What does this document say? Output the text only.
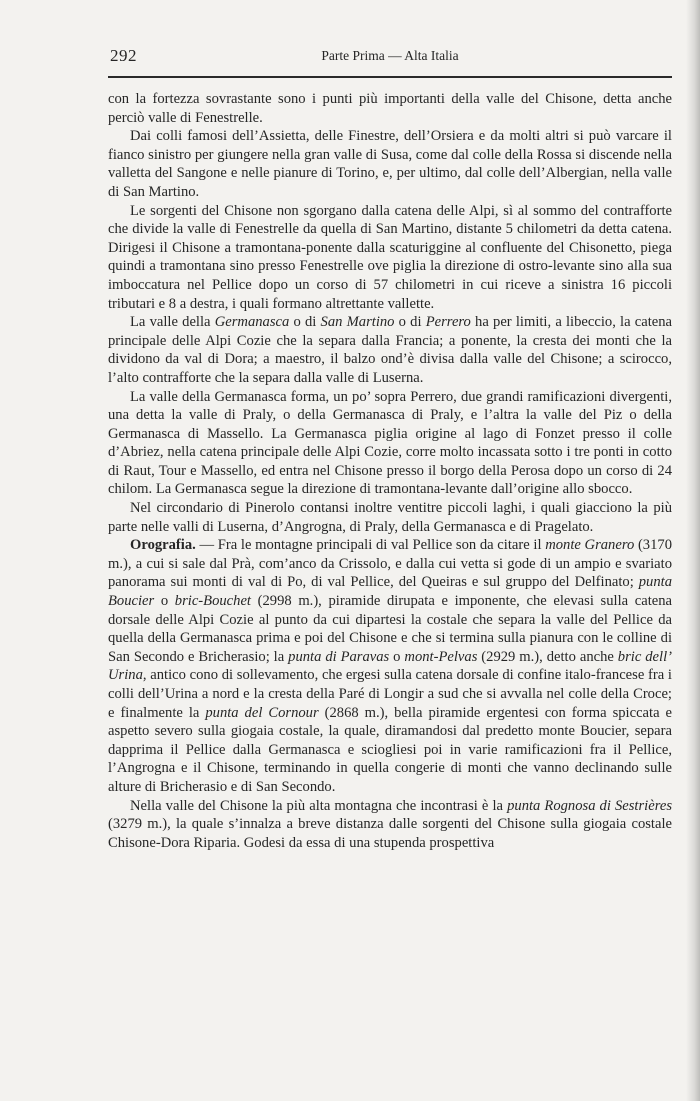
292	Parte Prima — Alta Italia

con la fortezza sovrastante sono i punti più importanti della valle del Chisone, detta anche perciò valle di Fenestrelle.

Dai colli famosi dell’Assietta, delle Finestre, dell’Orsiera e da molti altri si può varcare il fianco sinistro per giungere nella gran valle di Susa, come dal colle della Rossa si discende nella valletta del Sangone e nelle pianure di Torino, e, per ultimo, dal colle dell’Albergian, nella valle di San Martino.

Le sorgenti del Chisone non sgorgano dalla catena delle Alpi, sì al sommo del contrafforte che divide la valle di Fenestrelle da quella di San Martino, distante 5 chilometri da detta catena. Dirigesi il Chisone a tramontana-ponente dalla scaturiggine al confluente del Chisonetto, piega quindi a tramontana sino presso Fenestrelle ove piglia la direzione di ostro-levante sino alla sua imboccatura nel Pellice dopo un corso di 57 chilometri in cui riceve a sinistra 16 piccoli tributari e 8 a destra, i quali formano altrettante vallette.

La valle della Germanasca o di San Martino o di Perrero ha per limiti, a libeccio, la catena principale delle Alpi Cozie che la separa dalla Francia; a ponente, la cresta dei monti che la dividono da val di Dora; a maestro, il balzo ond’è divisa dalla valle del Chisone; a scirocco, l’alto contrafforte che la separa dalla valle di Luserna.

La valle della Germanasca forma, un po’ sopra Perrero, due grandi ramificazioni divergenti, una detta la valle di Praly, o della Germanasca di Praly, e l’altra la valle del Piz o della Germanasca di Massello. La Germanasca piglia origine al lago di Fonzet presso il colle d’Abriez, nella catena principale delle Alpi Cozie, corre molto incassata sotto i tre ponti in cotto di Raut, Tour e Massello, ed entra nel Chisone presso il borgo della Perosa dopo un corso di 24 chilom. La Germanasca segue la direzione di tramontana-levante dall’origine allo sbocco.

Nel circondario di Pinerolo contansi inoltre ventitre piccoli laghi, i quali giacciono la più parte nelle valli di Luserna, d’Angrogna, di Praly, della Germanasca e di Pragelato.

Orografia. — Fra le montagne principali di val Pellice son da citare il monte Granero (3170 m.), a cui si sale dal Prà, com’anco da Crissolo, e dalla cui vetta si gode di un ampio e svariato panorama sui monti di val di Po, di val Pellice, del Queiras e sul gruppo del Delfinato; punta Boucier o bric-Bouchet (2998 m.), piramide dirupata e imponente, che elevasi sulla catena dorsale delle Alpi Cozie al punto da cui dipartesi la costale che separa la valle del Pellice da quella della Germanasca prima e poi del Chisone e che si termina sulla pianura con le colline di San Secondo e Bricherasio; la punta di Paravas o mont-Pelvas (2929 m.), detto anche bric dell’ Urina, antico cono di sollevamento, che ergesi sulla catena dorsale di confine italo-francese fra i colli dell’Urina a nord e la cresta della Paré di Longir a sud che si avvalla nel colle della Croce; e finalmente la punta del Cornour (2868 m.), bella piramide ergentesi con forma spiccata e aspetto severo sulla giogaia costale, la quale, diramandosi dal predetto monte Boucier, separa dapprima il Pellice dalla Germanasca e sciogliesi poi in varie ramificazioni fra il Pellice, l’Angrogna e il Chisone, terminando in quella congerie di monti che vanno declinando sulle alture di Bricherasio e di San Secondo.

Nella valle del Chisone la più alta montagna che incontrasi è la punta Rognosa di Sestrières (3279 m.), la quale s’innalza a breve distanza dalle sorgenti del Chisone sulla giogaia costale Chisone-Dora Riparia. Godesi da essa di una stupenda prospettiva
